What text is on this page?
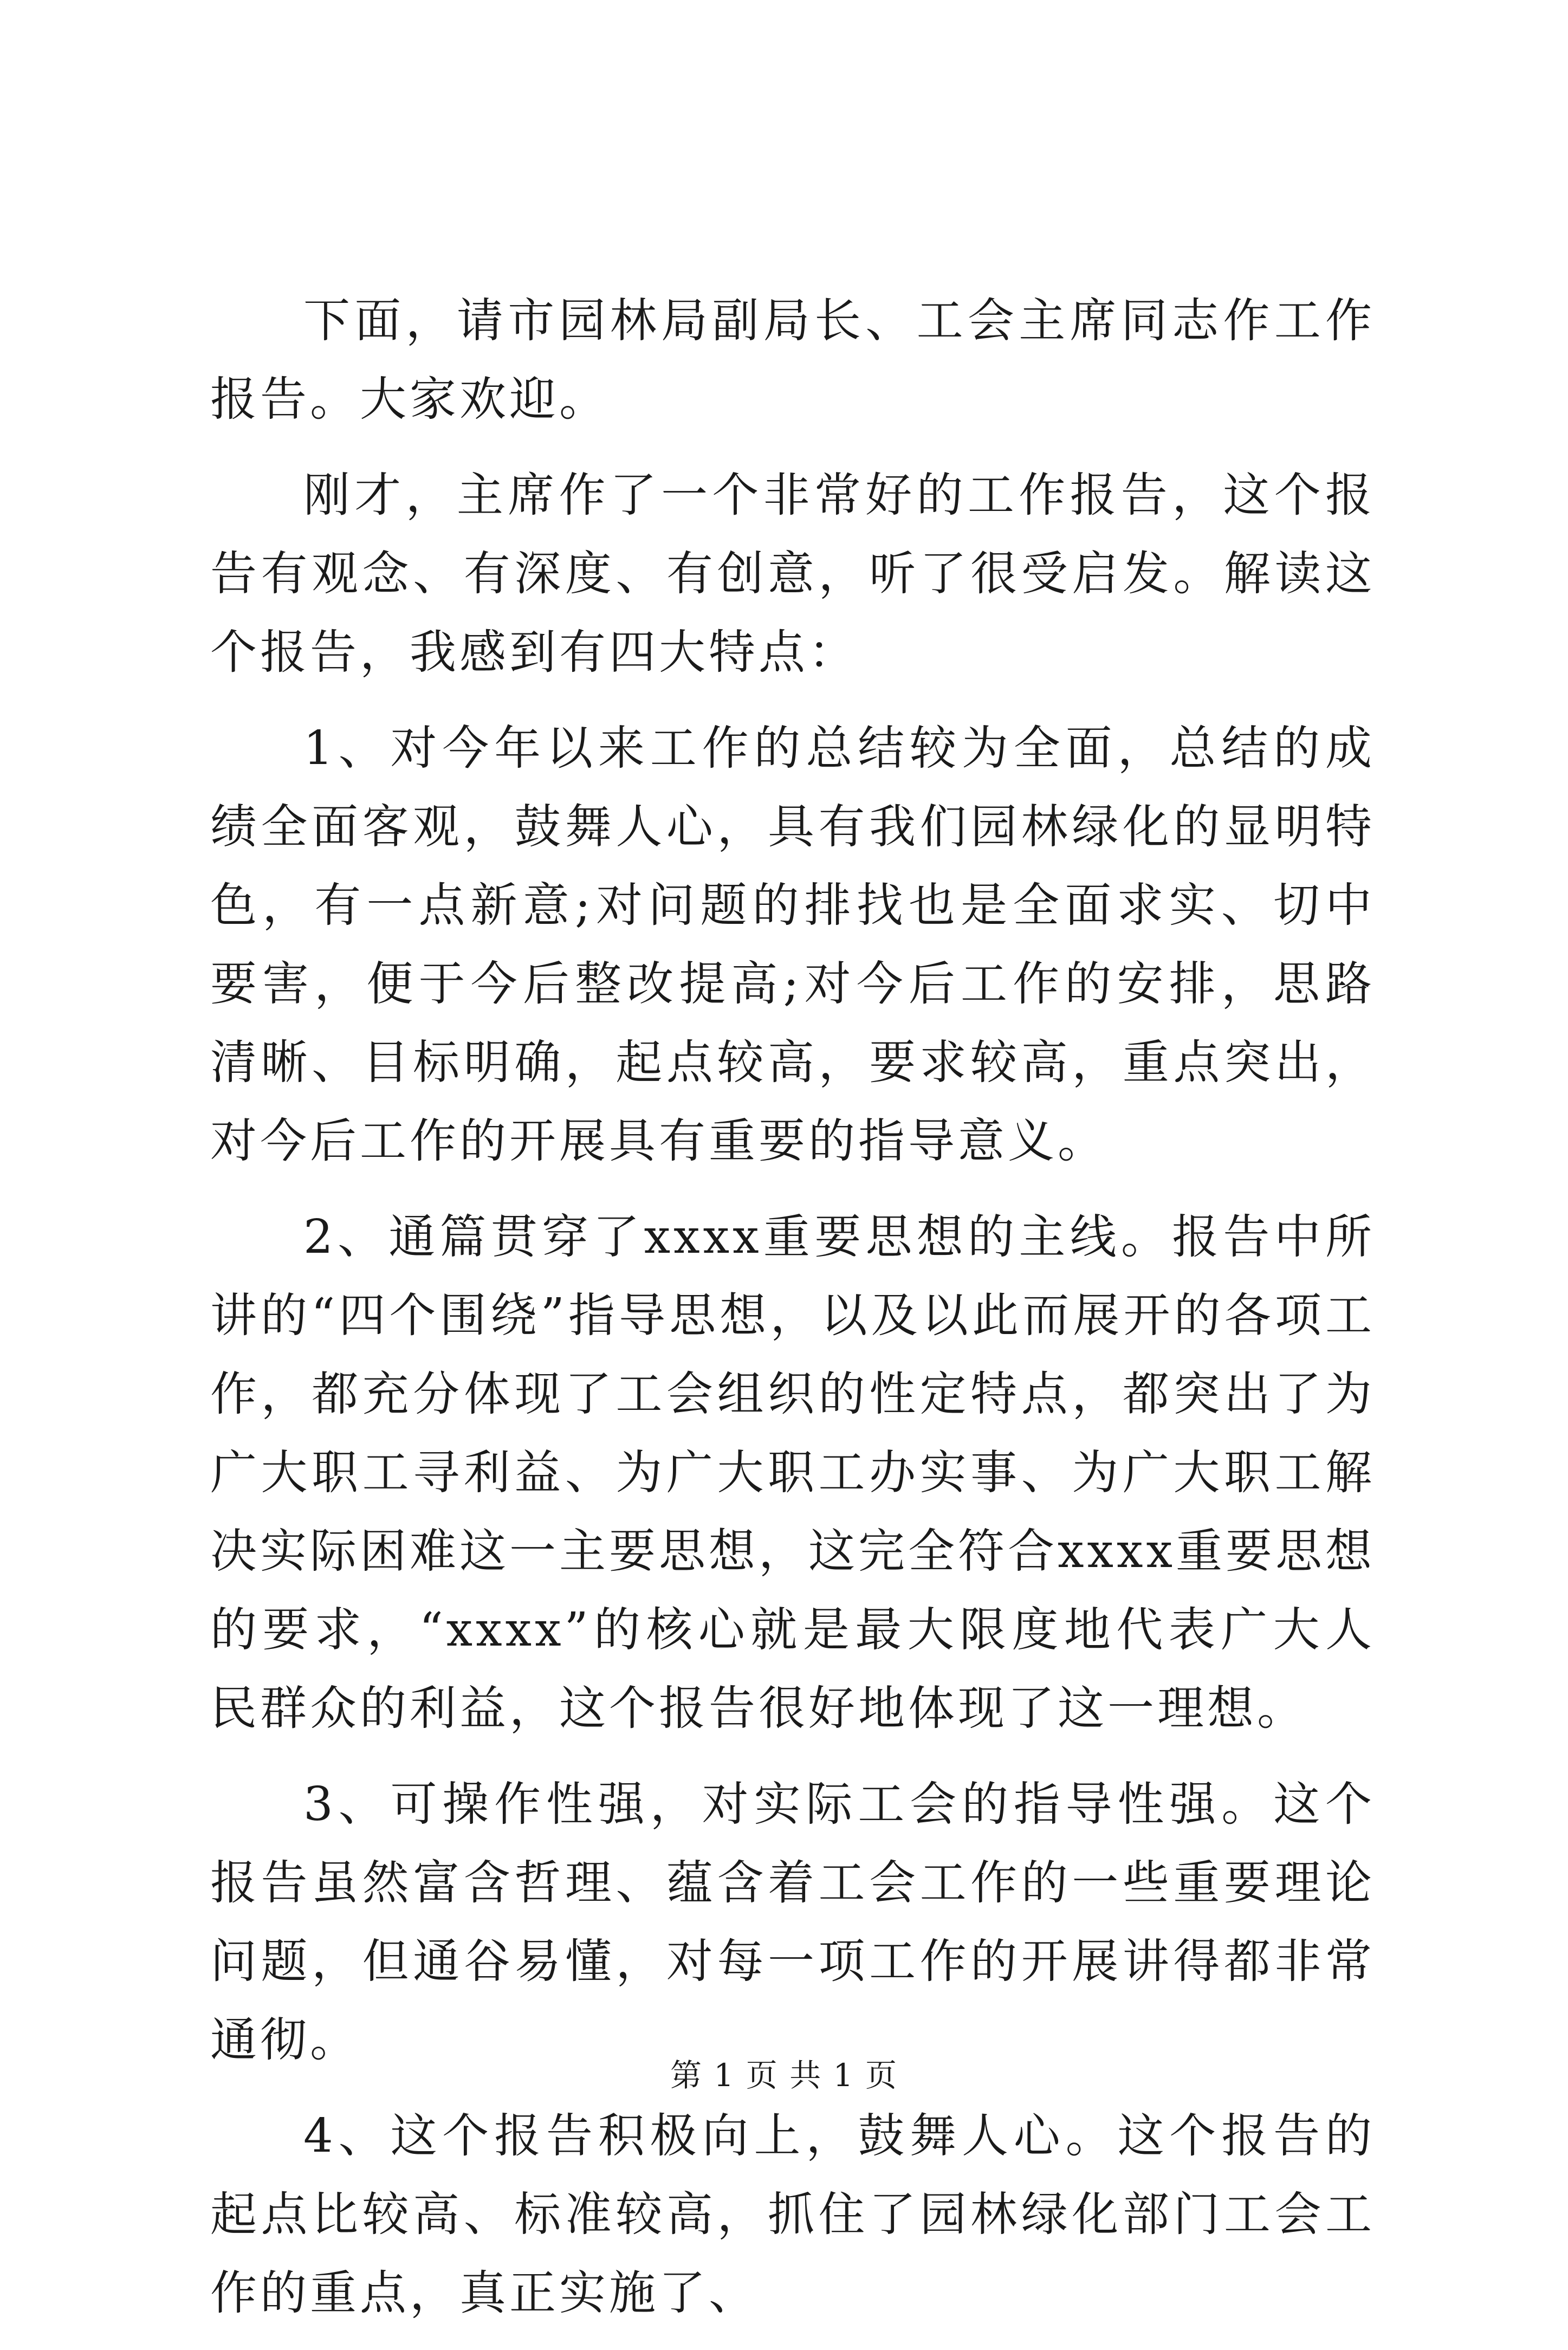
下面，请市园林局副局长、工会主席同志作工作报告。大家欢迎。

刚才，主席作了一个非常好的工作报告，这个报告有观念、有深度、有创意，听了很受启发。解读这个报告，我感到有四大特点：

1、对今年以来工作的总结较为全面，总结的成绩全面客观，鼓舞人心，具有我们园林绿化的显明特色，有一点新意;对问题的排找也是全面求实、切中要害，便于今后整改提高;对今后工作的安排，思路清晰、目标明确，起点较高，要求较高，重点突出，对今后工作的开展具有重要的指导意义。

2、通篇贯穿了xxxx重要思想的主线。报告中所讲的“四个围绕”指导思想，以及以此而展开的各项工作，都充分体现了工会组织的性定特点，都突出了为广大职工寻利益、为广大职工办实事、为广大职工解决实际困难这一主要思想，这完全符合xxxx重要思想的要求，“xxxx”的核心就是最大限度地代表广大人民群众的利益，这个报告很好地体现了这一理想。

3、可操作性强，对实际工会的指导性强。这个报告虽然富含哲理、蕴含着工会工作的一些重要理论问题，但通谷易懂，对每一项工作的开展讲得都非常通彻。

4、这个报告积极向上，鼓舞人心。这个报告的起点比较高、标准较高，抓住了园林绿化部门工会工作的重点，真正实施了、

第 1 页 共 1 页
